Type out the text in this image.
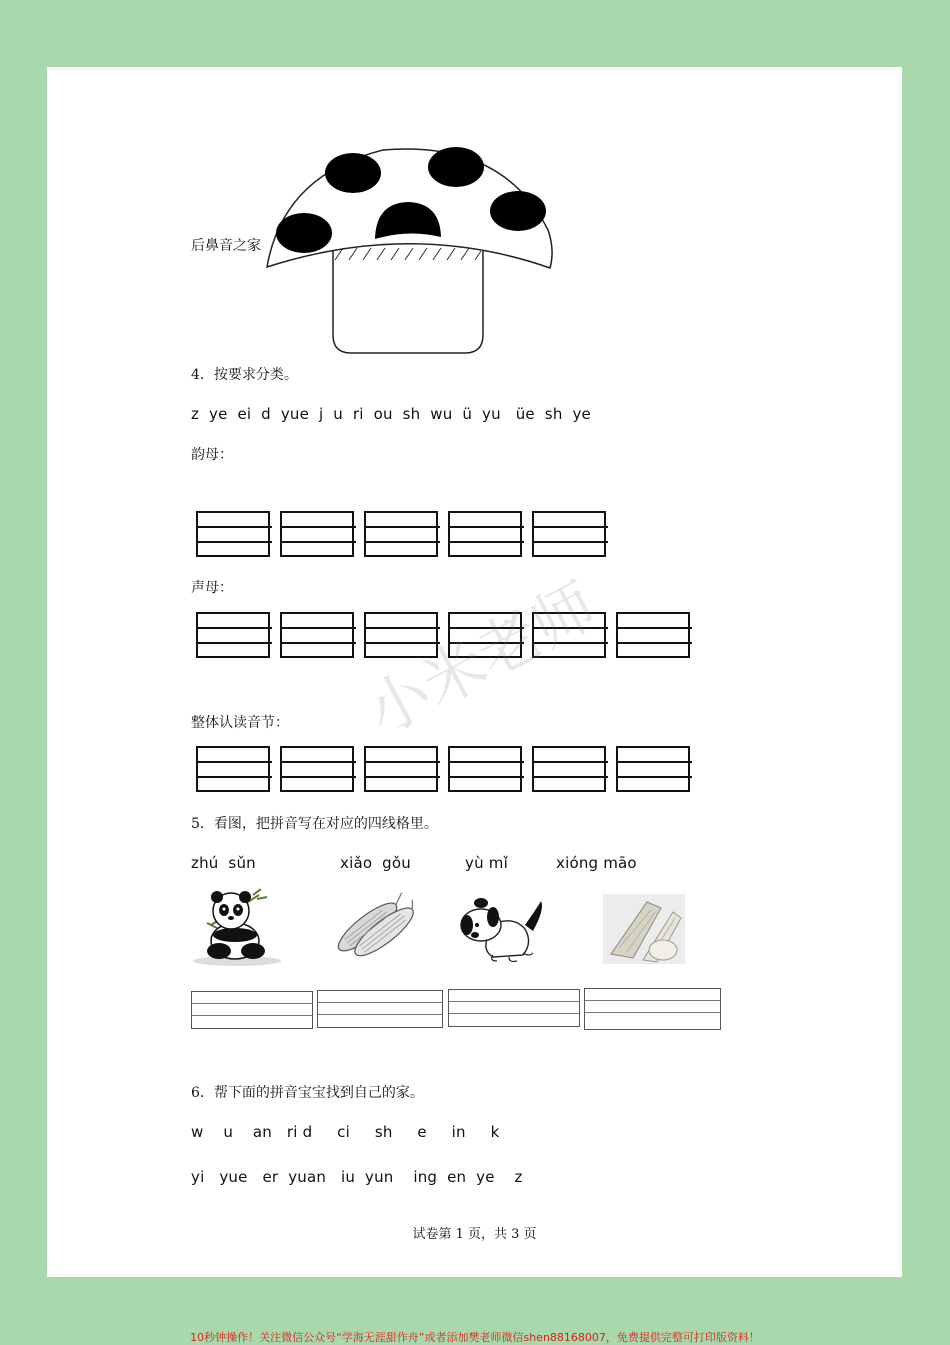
后鼻音之家
4．按要求分类。
z  ye  ei  d  yue  j  u  ri  ou  sh  wu  ü  yu   üe  sh  ye
韵母：
声母：
整体认读音节：
5．看图，把拼音写在对应的四线格里。
zhú  sǔn	xiǎo  gǒu	yù mǐ	xióng māo
6．帮下面的拼音宝宝找到自己的家。
w    u    an   ri d     ci     sh     e     in     k
yi   yue   er  yuan   iu  yun    ing  en  ye    z
试卷第 1 页，共 3 页
小米老师
10秒钟操作！关注微信公众号“学海无涯甜作舟”或者添加樊老师微信shen88168007，免费提供完整可打印版资料！
